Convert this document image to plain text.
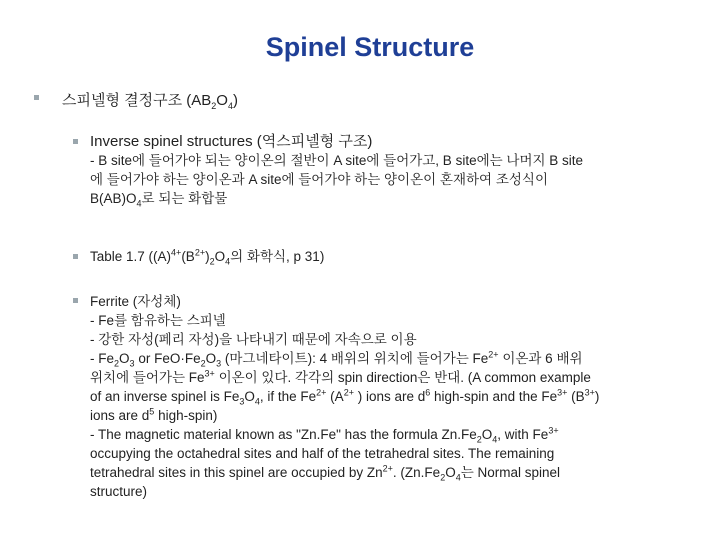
Spinel Structure
스피넬형 결정구조 $(AB_2O_4)$

Inverse spinel structures (역스피넬형 구조)

- B site에 들어가야 되는 양이온의 절반이 A site에 들어가고, B site에는 나머지 B site

에 들어가야 하는 양이온과 A site에 들어가야 하는 양이온이 혼재하여 조성식이

$B(AB)O_4$로 되는 화합물

Table 1.7 ($(A)^{4+}(B^{2+})_2O_4$의 화학식, p 31)

Ferrite (자성체)

- Fe를 함유하는 스피넬

- 강한 자성(페리 자성)을 나타내기 때문에 자속으로 이용

- $Fe_2O_3$ or $FeO\cdot Fe_2O_3$ (마그네타이트): 4 배위의 위치에 들어가는 $Fe^{2+}$ 이온과 6 배위

위치에 들어가는 $Fe^{3+}$ 이온이 있다. 각각의 spin direction은 반대. (A common example

of an inverse spinel is $Fe_3O_4$, if the $Fe^{2+}$ ($A^{2+}$ ) ions are $d^6$ high-spin and the $Fe^{3+}$ $(B^{3+})$

ions are $d^5$ high-spin)

- The magnetic material known as "Zn.Fe" has the formula $Zn.Fe_2O_4$, with $Fe^{3+}$

occupying the octahedral sites and half of the tetrahedral sites. The remaining

tetrahedral sites in this spinel are occupied by $Zn^{2+}$. ($Zn.Fe_2O_4$는 Normal spinel

structure)
